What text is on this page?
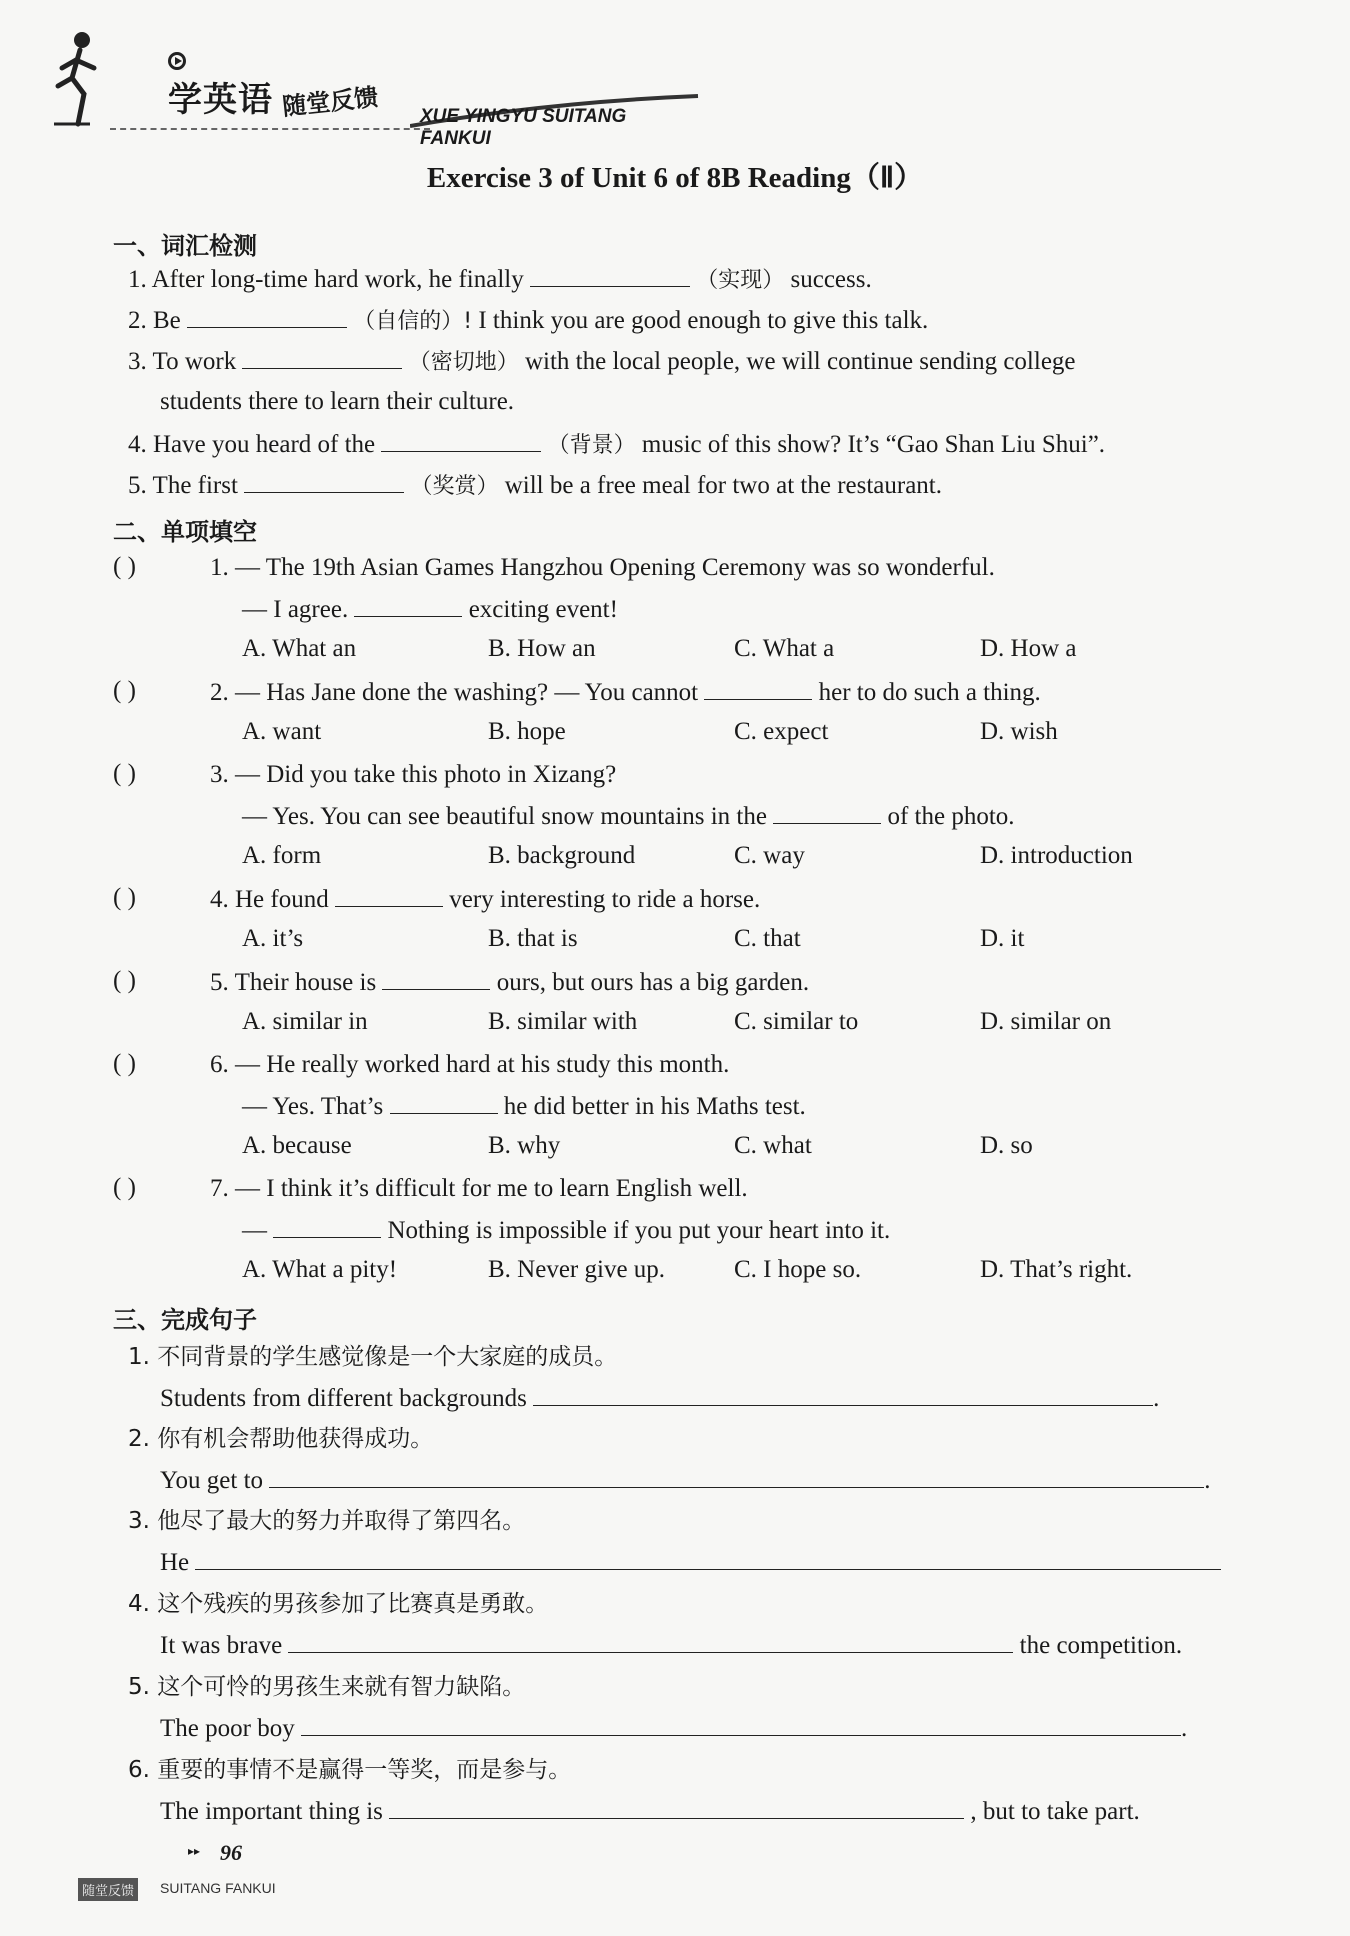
学英语 随堂反馈 XUE YINGYU SUITANG FANKUI
Exercise 3 of Unit 6 of 8B Reading（Ⅱ）
一、词汇检测
1. After long-time hard work, he finally	（实现） success.
2. Be	（自信的）! I think you are good enough to give this talk.
3. To work	（密切地） with the local people, we will continue sending college
students there to learn their culture.
4. Have you heard of the	（背景） music of this show? It’s “Gao Shan Liu Shui”.
5. The first	（奖赏） will be a free meal for two at the restaurant.
二、单项填空
( )	1. — The 19th Asian Games Hangzhou Opening Ceremony was so wonderful.
— I agree.	exciting event!
A. What an	B. How an	C. What a	D. How a
( )	2. — Has Jane done the washing? — You cannot	her to do such a thing.
A. want	B. hope	C. expect	D. wish
( )	3. — Did you take this photo in Xizang?
— Yes. You can see beautiful snow mountains in the	of the photo.
A. form	B. background	C. way	D. introduction
( )	4. He found	very interesting to ride a horse.
A. it’s	B. that is	C. that	D. it
( )	5. Their house is	ours, but ours has a big garden.
A. similar in	B. similar with	C. similar to	D. similar on
( )	6. — He really worked hard at his study this month.
— Yes. That’s	he did better in his Maths test.
A. because	B. why	C. what	D. so
( )	7. — I think it’s difficult for me to learn English well.
—	Nothing is impossible if you put your heart into it.
A. What a pity!	B. Never give up.	C. I hope so.	D. That’s right.
三、完成句子
1. 不同背景的学生感觉像是一个大家庭的成员。
Students from different backgrounds	.
2. 你有机会帮助他获得成功。
You get to	.
3. 他尽了最大的努力并取得了第四名。
He
4. 这个残疾的男孩参加了比赛真是勇敢。
It was brave	the competition.
5. 这个可怜的男孩生来就有智力缺陷。
The poor boy	.
6. 重要的事情不是赢得一等奖，而是参与。
The important thing is	, but to take part.
▸▸ 96
随堂反馈 SUITANG FANKUI
